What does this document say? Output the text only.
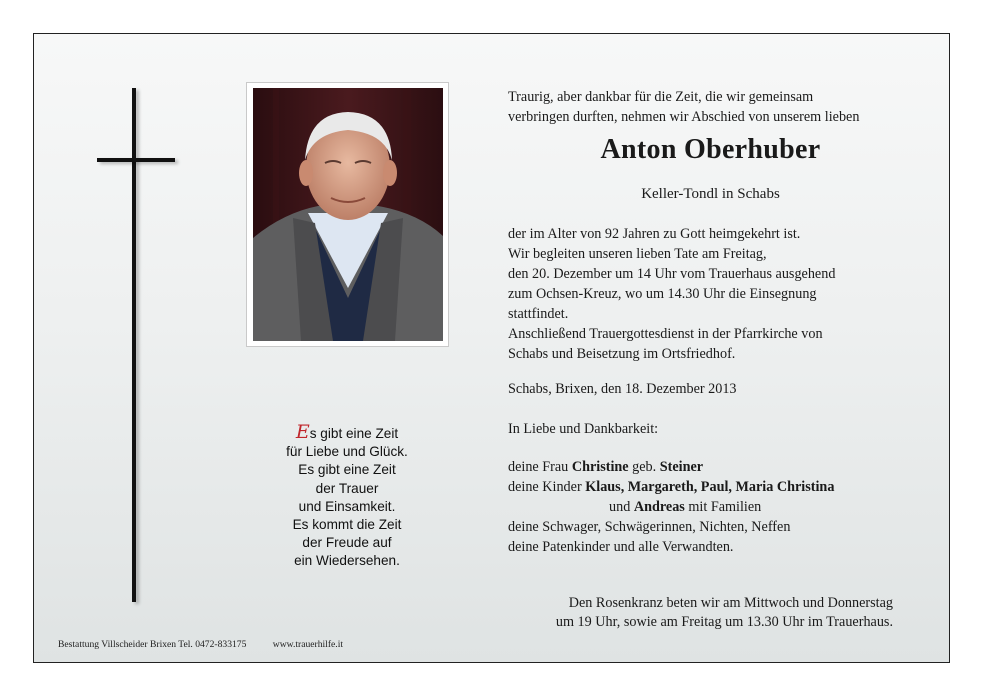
Es gibt eine Zeit
für Liebe und Glück.
Es gibt eine Zeit
der Trauer
und Einsamkeit.
Es kommt die Zeit
der Freude auf
ein Wiedersehen.
Traurig, aber dankbar für die Zeit, die wir gemeinsam
verbringen durften, nehmen wir Abschied von unserem lieben
Anton Oberhuber
Keller-Tondl in Schabs
der im Alter von 92 Jahren zu Gott heimgekehrt ist.
Wir begleiten unseren lieben Tate am Freitag,
den 20. Dezember um 14 Uhr vom Trauerhaus ausgehend
zum Ochsen-Kreuz, wo um 14.30 Uhr die Einsegnung
stattfindet.
Anschließend Trauergottesdienst in der Pfarrkirche von
Schabs und Beisetzung im Ortsfriedhof.
Schabs, Brixen, den 18. Dezember 2013
In Liebe und Dankbarkeit:
deine Frau Christine geb. Steiner
deine Kinder Klaus, Margareth, Paul, Maria Christina
und Andreas mit Familien
deine Schwager, Schwägerinnen, Nichten, Neffen
deine Patenkinder und alle Verwandten.
Den Rosenkranz beten wir am Mittwoch und Donnerstag
um 19 Uhr, sowie am Freitag um 13.30 Uhr im Trauerhaus.
Bestattung Villscheider Brixen Tel. 0472-833175	www.trauerhilfe.it
